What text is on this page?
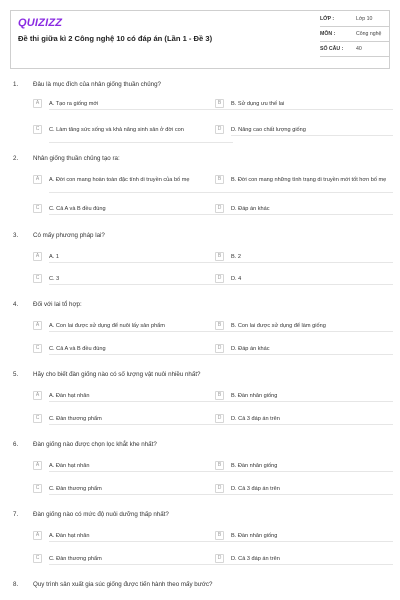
QUIZIZZ
Đề thi giữa kì 2 Công nghệ 10 có đáp án (Lần 1 - Đề 3)
LỚP :	Lớp 10
MÔN :	Công nghệ
SỐ CÂU : 40
1. Đâu là mục đích của nhân giống thuần chủng?
A	A. Tạo ra giống mới	B	B. Sử dụng ưu thế lai
C	C. Làm tăng sức sống và khả năng sinh sản ở đời con	D	D. Nâng cao chất lượng giống
2. Nhân giống thuần chủng tạo ra:
A	A. Đời con mang hoàn toàn đặc tính di truyền của bố mẹ	B	B. Đời con mang những tình trạng di truyền mới tốt hơn bố mẹ
C	C. Cả A và B đều đúng	D	D. Đáp án khác
3. Có mấy phương pháp lai?
A	A. 1	B	B. 2
C	C. 3	D	D. 4
4. Đối với lai tổ hợp:
A	A. Con lai được sử dụng để nuôi lấy sản phẩm	B	B. Con lai được sử dụng để làm giống
C	C. Cả A và B đều đúng	D	D. Đáp án khác
5. Hãy cho biết đàn giống nào có số lượng vật nuôi nhiều nhất?
A	A. Đàn hạt nhân	B	B. Đàn nhân giống
C	C. Đàn thương phẩm	D	D. Cả 3 đáp án trên
6. Đàn giống nào được chọn lọc khắt khe nhất?
A	A. Đàn hạt nhân	B	B. Đàn nhân giống
C	C. Đàn thương phẩm	D	D. Cả 3 đáp án trên
7. Đàn giống nào có mức độ nuôi dưỡng thấp nhất?
A	A. Đàn hạt nhân	B	B. Đàn nhân giống
C	C. Đàn thương phẩm	D	D. Cả 3 đáp án trên
8. Quy trình sản xuất gia súc giống được tiến hành theo mấy bước?
